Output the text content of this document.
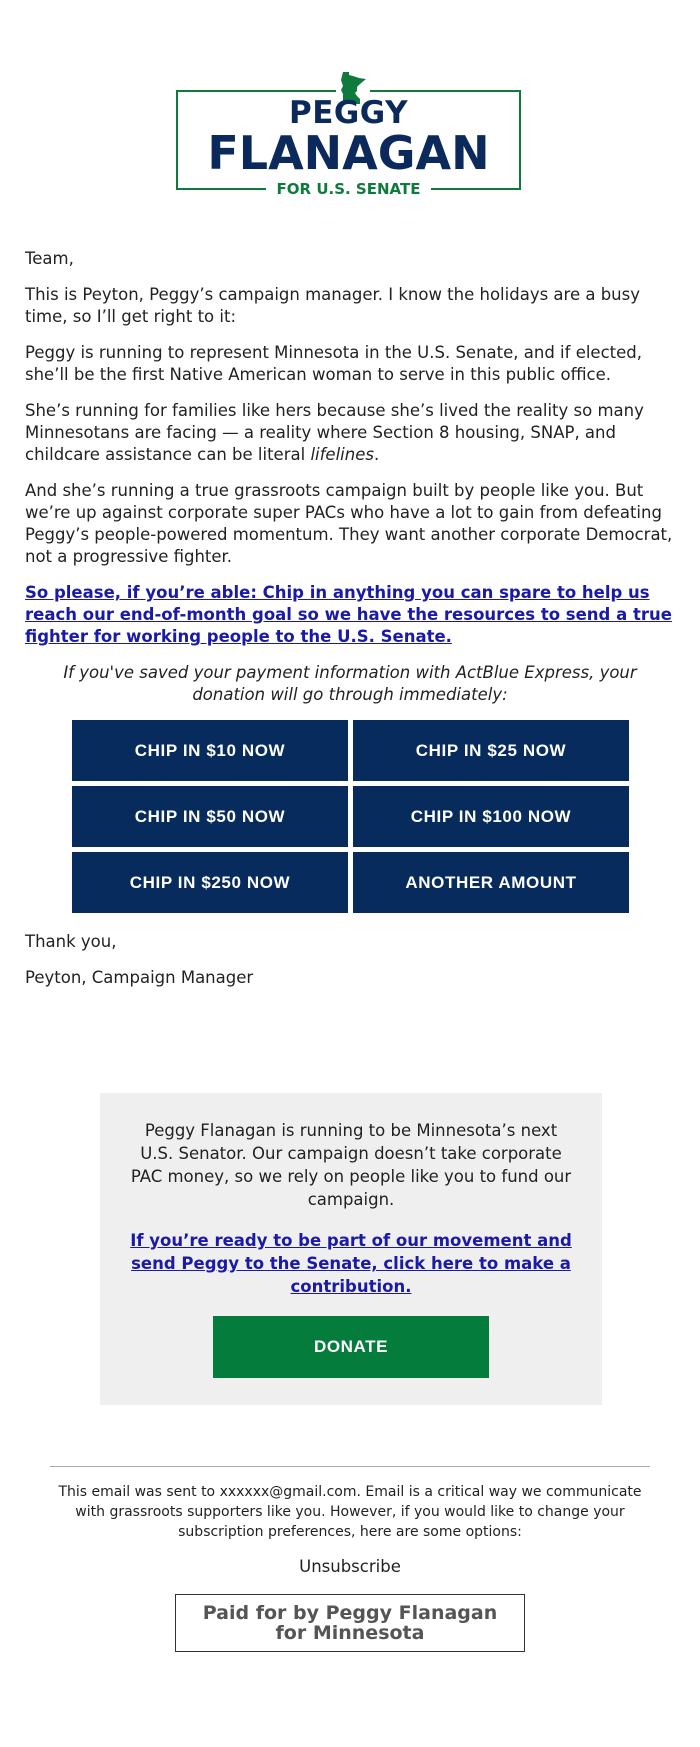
PEGGY
FLANAGAN
FOR U.S. SENATE

Team,

This is Peyton, Peggy’s campaign manager. I know the holidays are a busy time, so I’ll get right to it:

Peggy is running to represent Minnesota in the U.S. Senate, and if elected, she’ll be the first Native American woman to serve in this public office.

She’s running for families like hers because she’s lived the reality so many Minnesotans are facing — a reality where Section 8 housing, SNAP, and childcare assistance can be literal lifelines.

And she’s running a true grassroots campaign built by people like you. But we’re up against corporate super PACs who have a lot to gain from defeating Peggy’s people-powered momentum. They want another corporate Democrat, not a progressive fighter.

So please, if you’re able: Chip in anything you can spare to help us reach our end-of-month goal so we have the resources to send a true fighter for working people to the U.S. Senate.

If you've saved your payment information with ActBlue Express, your donation will go through immediately:

CHIP IN $10 NOW	CHIP IN $25 NOW
CHIP IN $50 NOW	CHIP IN $100 NOW
CHIP IN $250 NOW	ANOTHER AMOUNT

Thank you,

Peyton, Campaign Manager

Peggy Flanagan is running to be Minnesota’s next U.S. Senator. Our campaign doesn’t take corporate PAC money, so we rely on people like you to fund our campaign.

If you’re ready to be part of our movement and send Peggy to the Senate, click here to make a contribution.
DONATE
This email was sent to xxxxxx@gmail.com. Email is a critical way we communicate with grassroots supporters like you. However, if you would like to change your subscription preferences, here are some options:
Unsubscribe
Paid for by Peggy Flanagan for Minnesota
